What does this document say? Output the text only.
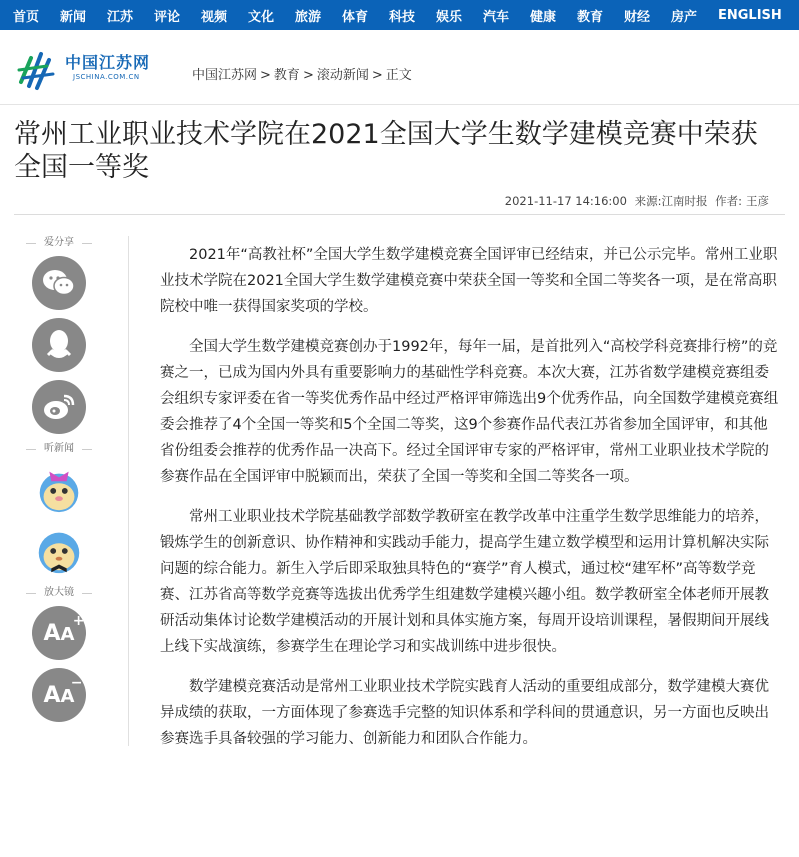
首页	新闻	江苏	评论	视频	文化	旅游	体育	科技	娱乐	汽车	健康	教育	财经	房产	ENGLISH
中国江苏网
JSCHINA.COM.CN	中国江苏网 > 教育 > 滚动新闻 > 正文
常州工业职业技术学院在2021全国大学生数学建模竞赛中荣获全国一等奖
2021-11-17 14:16:00 来源:江南时报 作者: 王彦
爱分享
听新闻
放大镜
AA
+
AA
−

2021年“高教社杯”全国大学生数学建模竞赛全国评审已经结束，并已公示完毕。常州工业职业技术学院在2021全国大学生数学建模竞赛中荣获全国一等奖和全国二等奖各一项，是在常高职院校中唯一获得国家奖项的学校。

全国大学生数学建模竞赛创办于1992年，每年一届，是首批列入“高校学科竞赛排行榜”的竞赛之一，已成为国内外具有重要影响力的基础性学科竞赛。本次大赛，江苏省数学建模竞赛组委会组织专家评委在省一等奖优秀作品中经过严格评审筛选出9个优秀作品，向全国数学建模竞赛组委会推荐了4个全国一等奖和5个全国二等奖，这9个参赛作品代表江苏省参加全国评审，和其他省份组委会推荐的优秀作品一决高下。经过全国评审专家的严格评审，常州工业职业技术学院的参赛作品在全国评审中脱颖而出，荣获了全国一等奖和全国二等奖各一项。

常州工业职业技术学院基础教学部数学教研室在教学改革中注重学生数学思维能力的培养，锻炼学生的创新意识、协作精神和实践动手能力，提高学生建立数学模型和运用计算机解决实际问题的综合能力。新生入学后即采取独具特色的“赛学”育人模式，通过校“建军杯”高等数学竞赛、江苏省高等数学竞赛等选拔出优秀学生组建数学建模兴趣小组。数学教研室全体老师开展教研活动集体讨论数学建模活动的开展计划和具体实施方案，每周开设培训课程，暑假期间开展线上线下实战演练，参赛学生在理论学习和实战训练中进步很快。

数学建模竞赛活动是常州工业职业技术学院实践育人活动的重要组成部分，数学建模大赛优异成绩的获取，一方面体现了参赛选手完整的知识体系和学科间的贯通意识，另一方面也反映出参赛选手具备较强的学习能力、创新能力和团队合作能力。
